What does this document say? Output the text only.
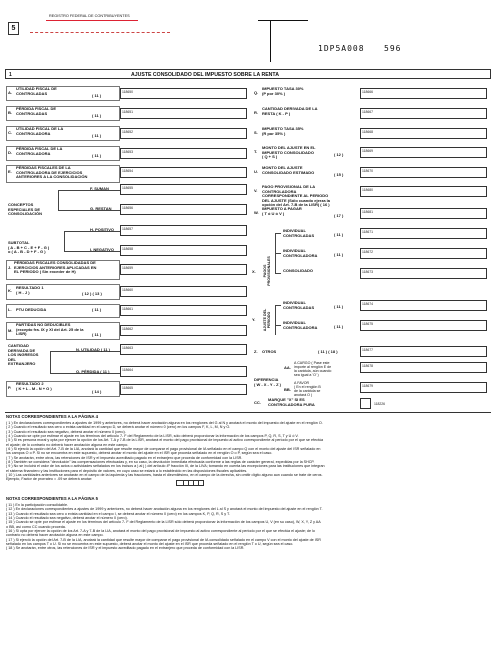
REGISTRO FEDERAL DE CONTRIBUYENTES
5
1DP5A008 596
1	AJUSTE CONSOLIDADO DEL IMPUESTO SOBRE LA RENTA
A.
UTILIDAD FISCAL DE
CONTROLADAS	( 11 )
118650
B.
PÉRDIDA FISCAL DE
CONTROLADAS	( 11 )
118651
C.
UTILIDAD FISCAL DE LA
CONTROLADORA	( 11 )
118652
D.
PÉRDIDA FISCAL DE LA
CONTROLADORA	( 11 )
118653
E.
PÉRDIDAS FISCALES DE LA
CONTROLADORA DE EJERCICIOS
ANTERIORES A LA CONSOLIDACIÓN
118654
CONCEPTOS
ESPECIALES DE
CONSOLIDACIÓN
F. SUMAN	118655
G. RESTAN	118656
SUBTOTAL
( A - B + C - E + F - G )
o ( A - B - D + F - G )
H. POSITIVO 118657
I. NEGATIVO 118658
J.
PÉRDIDAS FISCALES CONSOLIDADAS DE
EJERCICIOS ANTERIORES APLICADAS EN
EL PERIODO ( Sin exceder de H)
118659
K.
RESULTADO 1
( H - J )	( 12 ) ( 13 )
118660
L. PTU DEDUCIDA	( 11 )	118661
M.
PARTIDAS NO DEDUCIBLES
(excepto fra. IX y XI del Art. 25 de la
LISR)	( 11 )
118662
CANTIDAD
DERIVADA DE
LOS INGRESOS
DEL
EXTRANJERO
N. UTILIDAD ( 11 )	118663
O. PÉRDIDA ( 11 )	118664
P.
RESULTADO 2
( K + L - M - N + O )
( 14 )
118665
Q.
IMPUESTO TASA 30%
(P por 30% )	118666
R.
CANTIDAD DERIVADA DE LA
RESTA ( K - P )	118667
S.
IMPUESTO TASA 35%
(R por 35% )	118668
T.
MONTO DEL AJUSTE EN EL
IMPUESTO CONSOLIDADO
( Q + S )	( 12 )
118669
U.
MONTO DEL AJUSTE
CONSOLIDADO ESTIMADO	( 15 )
118670
V.
PAGO PROVISIONAL DE LA
CONTROLADORA
CORRESPONDIENTE AL PERIODO
DEL AJUSTE (Sólo cuando ejerza la
opción del Art. 7-B de la LISR) ( 16 )
118680
W.
IMPUESTO A PAGAR
( T ó U ó V )	( 17 )
118681
X. PAGOS
PROVISIONALES
INDIVIDUAL
CONTROLADAS	( 11 )	118671
INDIVIDUAL
CONTROLADORA	( 11 )	118672
CONSOLIDADO	118673
Y. AJUSTE DEL
PERIODO
INDIVIDUAL
CONTROLADAS	( 11 )	118674
INDIVIDUAL
CONTROLADORA	( 11 )	118675
Z. OTROS	( 11 ) ( 18 )	118677
DIFERENCIA
( W - X - Y - Z )
AA.
A CARGO ( Pase este
importe al renglón E de
la carátula, aún cuando
sea igual a 'O' )
118678
BB.
A FAVOR
( En el renglón B
de la carátula se
anotará O )
118679
CC.
MARQUE "X" SI ES
CONTROLADORA PURA	118226
NOTAS CORRESPONDIENTES A LA PÁGINA 4
( 1 ) En declaraciones correspondientes a ajustes de 1999 y anteriores, no deberá hacer anotación alguna en los renglones del G al N y anotará el monto del impuesto del ajuste en el renglón O.
( 2 ) Cuando el resultado sea cero o exista cantidad en el campo D, se deberá anotar el número 0 (cero) en los campos F, K, L, M, N y O.
( 3 ) Cuando el resultado sea negativo, deberá anotar el número 0 (cero).
( 4 ) Cuando se opte por estimar el ajuste en los términos del artículo 7- F del Reglamento de la LISR, sólo deberá proporcionar la información de los campos P, Q, R, S, T y U ó V.
( 5 ) Si es persona moral y opta por ejercer la opción de los Art. 7-A y 7-B de la LISR, anotará el monto del pago provisional de impuesto al activo correspondiente al periodo por el que se efectúa
el ajuste; de lo contrario no deberá hacer anotación alguna en este campo.
( 6 ) Si ejerció la opción del Art. 7-B de la LIA, anotará la cantidad que resulte mayor de comparar el pago provisional de IA señalado en el campo Q con el monto del ajuste del ISR señalado en
los campos O o P. Si no se encuentra en este supuesto, deberá anotar el monto del ajuste en el ISR que proceda señalado en el renglón O o P, según sea el caso.
( 7 ) Se anotarán, entre otros, las retenciones de ISR y el impuesto acreditado pagado en el extranjero que proceda de conformidad con la LISR.
( 8 ) También se considera "devolución" las compensaciones efectuadas y, en su caso, la devolución inmediata efectuada conforme a las reglas de carácter general, expedidas por la SHCP.
( 9 ) No se incluirá el valor de los actos o actividades señalados en los incisos a ) al j ) del artículo 4º fracción III, de la LIVA; tomando en cuenta las excepciones para las instituciones que integran
el sistema financiero y las instituciones para el depósito de valores, en cuyo caso se estará a lo establecido en las disposiciones fiscales aplicables.
( 10 ) Las cantidades anteriores se anotarán en el campo de la izquierda y las fracciones, hasta el diezmilésimo, en el campo de la derecha, sin omitir dígito alguno aun cuando se trate de ceros.
Ejemplo, Factor de prorrateo = .09 se deberá anotar:
NOTAS CORRESPONDIENTES A LA PÁGINA 5
( 11 ) En la participación consolidable.
( 12 ) En declaraciones correspondientes a ajustes de 1999 y anteriores, no deberá hacer anotación alguna en los renglones del L al S y anotará el monto del impuesto del ajuste en el renglón T.
( 13 ) Cuando el resultado sea cero o exista cantidad en el campo I, se deberá anotar el número 0 (cero) en los campos K, P, Q, R, S y T.
( 14 ) Cuando el resultado sea negativo, deberá anotar el número 0 (cero).
( 15 ) Cuando se opte por estimar el ajuste en los términos del artículo 7- F del Reglamento de la LISR sólo deberá proporcionar la información de los campos U, V (en su caso), W, X, Y, Z y AA
o BB, así como CC cuando proceda.
( 16 ) Si opta por ejercer la opción de los Art. 7-A y 7-B de la LIA, anotará el monto del pago provisional de impuesto al activo correspondiente al periodo por el que se efectúa el ajuste; de lo
contrario no deberá hacer anotación alguna en este campo.
( 17 ) Si ejerció la opción del Art. 7-B de la LIA, anotará la cantidad que resulte mayor de comparar el pago provisional de IA consolidado señalado en el campo V con el monto del ajuste de ISR
señalado en los campos T o U. Si no se encuentra en este supuesto, deberá anotar el monto del ajuste en el ISR que proceda señalado en el renglón T o U, según sea el caso.
( 18 ) Se anotarán, entre otros, las retenciones de ISR y el impuesto acreditado pagado en el extranjero que proceda de conformidad con la LISR.
